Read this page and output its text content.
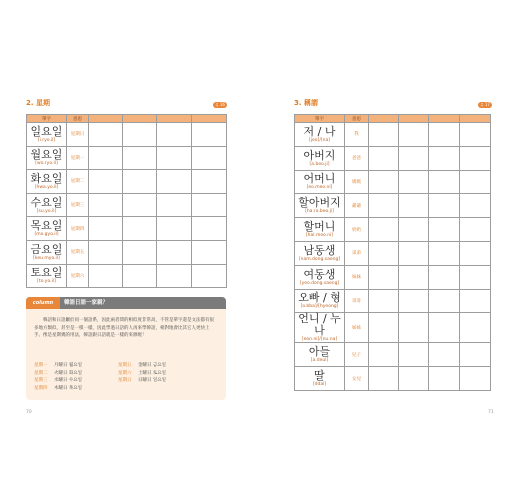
2. 星期	♫ 16
單字	意思				

일요일
[i.ryo.il]	星期日				

월요일
[wo.ryo.il]	星期一				

화요일
[hwa.yo.il]	星期二				

수요일
[su.yo.il]	星期三				

목요일
[mo.gyo.il]	星期四				

금요일
[keu.myo.il]	星期五				

토요일
[to.yo.il]	星期六				
column	韓語日語一家親？
韓語和日語屬於同一個語系，因此兩者間的相似度非常高，不管是單字還是文法都有很多地方類似，甚至是一模一樣，因此學過日語的人再來學韓語，相對地會比其它人更快上手。像是星期幾的用法，韓語跟日語就是一樣的來源喔！
星期一 月曜日 월요일
星期二 火曜日 화요일
星期三 水曜日 수요일
星期四 木曜日 목요일
星期五 金曜日 금요일
星期六 土曜日 토요일
星期日 日曜日 일요일
70
3. 稱謂	♫ 17
單字	意思				

저 / 나
[jeo]/[na]	我				

아버지
[a.beo.ji]	爸爸				

어머니
[eo.meo.ni]	媽媽				

할아버지
[ha.ra.beo.ji]	爺爺				

할머니
[hal.meo.ni]	奶奶				

남동생
[nam.dong.saeng]	弟弟				

여동생
[yeo.dong.saeng]	妹妹				

오빠 / 형
[o.bba]/[hyeong]	哥哥				

언니 / 누나
[eon.ni]/[nu.na]	姊姊				

아들
[a.deul]	兒子				

딸
[ddal]	女兒				
71
